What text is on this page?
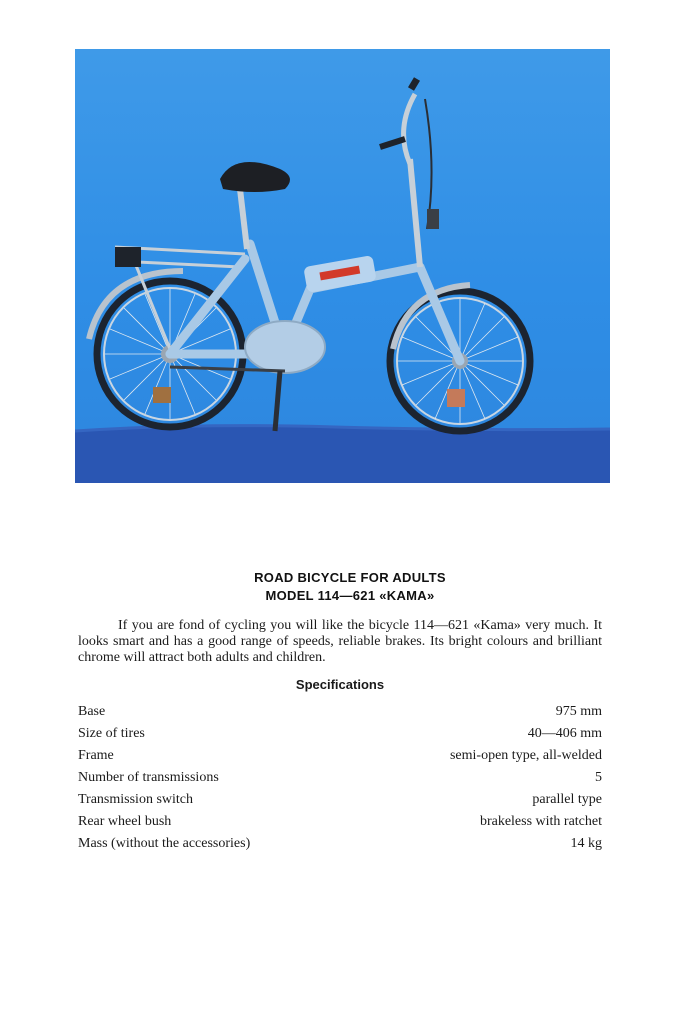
ROAD BICYCLE FOR ADULTS
MODEL 114—621 «KAMA»

If you are fond of cycling you will like the bicycle 114—621 «Kama» very much. It looks smart and has a good range of speeds, reliable brakes. Its bright colours and brilliant chrome will attract both adults and children.

Specifications
Base	975 mm
Size of tires	40—406 mm
Frame	semi-open type, all-welded
Number of transmissions	5
Transmission switch	parallel type
Rear wheel bush	brakeless with ratchet
Mass (without the accessories)	14 kg
